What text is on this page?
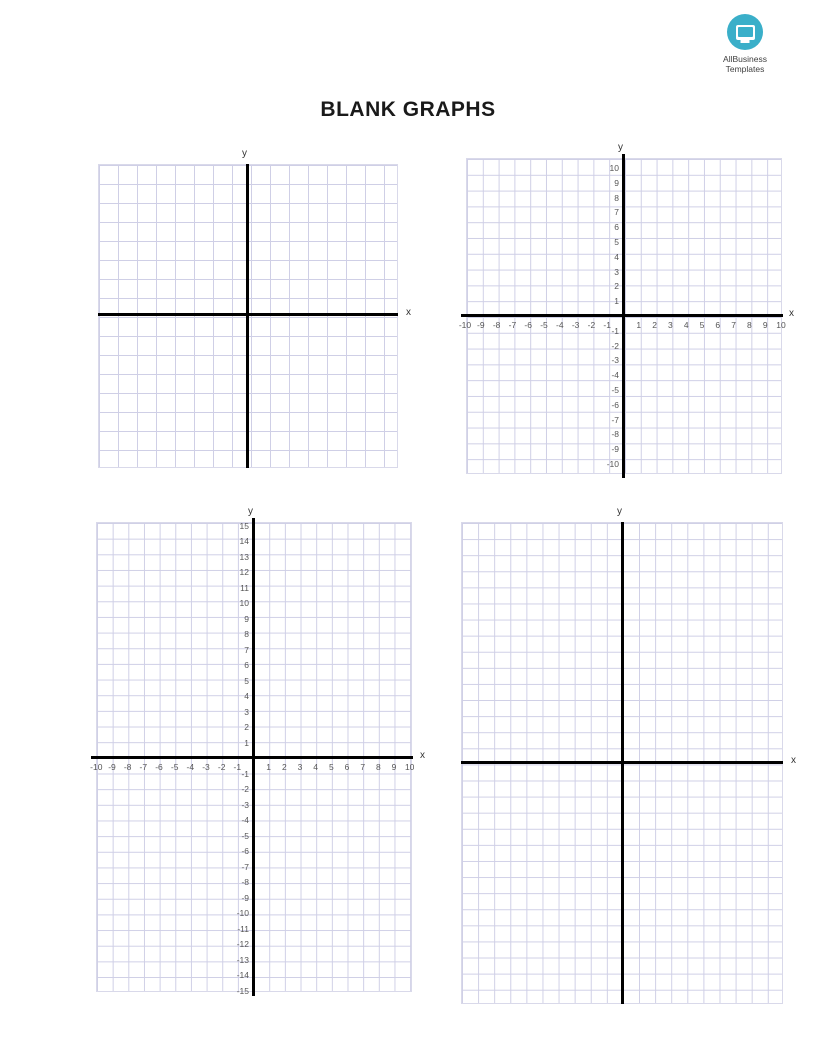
AllBusiness
Templates
BLANK GRAPHS
y
x
y
x
-10 -9 -8 -7 -6 -5 -4 -3 -2 -1	1	2	3	4	5	6	7	8	9	10
10
9
8
7
6
5
4
3
2
1
-1
-2
-3
-4
-5
-6
-7
-8
-9
-10
y
x
-10 -9 -8 -7 -6 -5 -4 -3 -2 -1	1	2	3	4	5	6	7	8	9	10
15
14
13
12
11
10
9
8
7
6
5
4
3
2
1
-1
-2
-3
-4
-5
-6
-7
-8
-9
-10
-11
-12
-13
-14
-15
y
x
